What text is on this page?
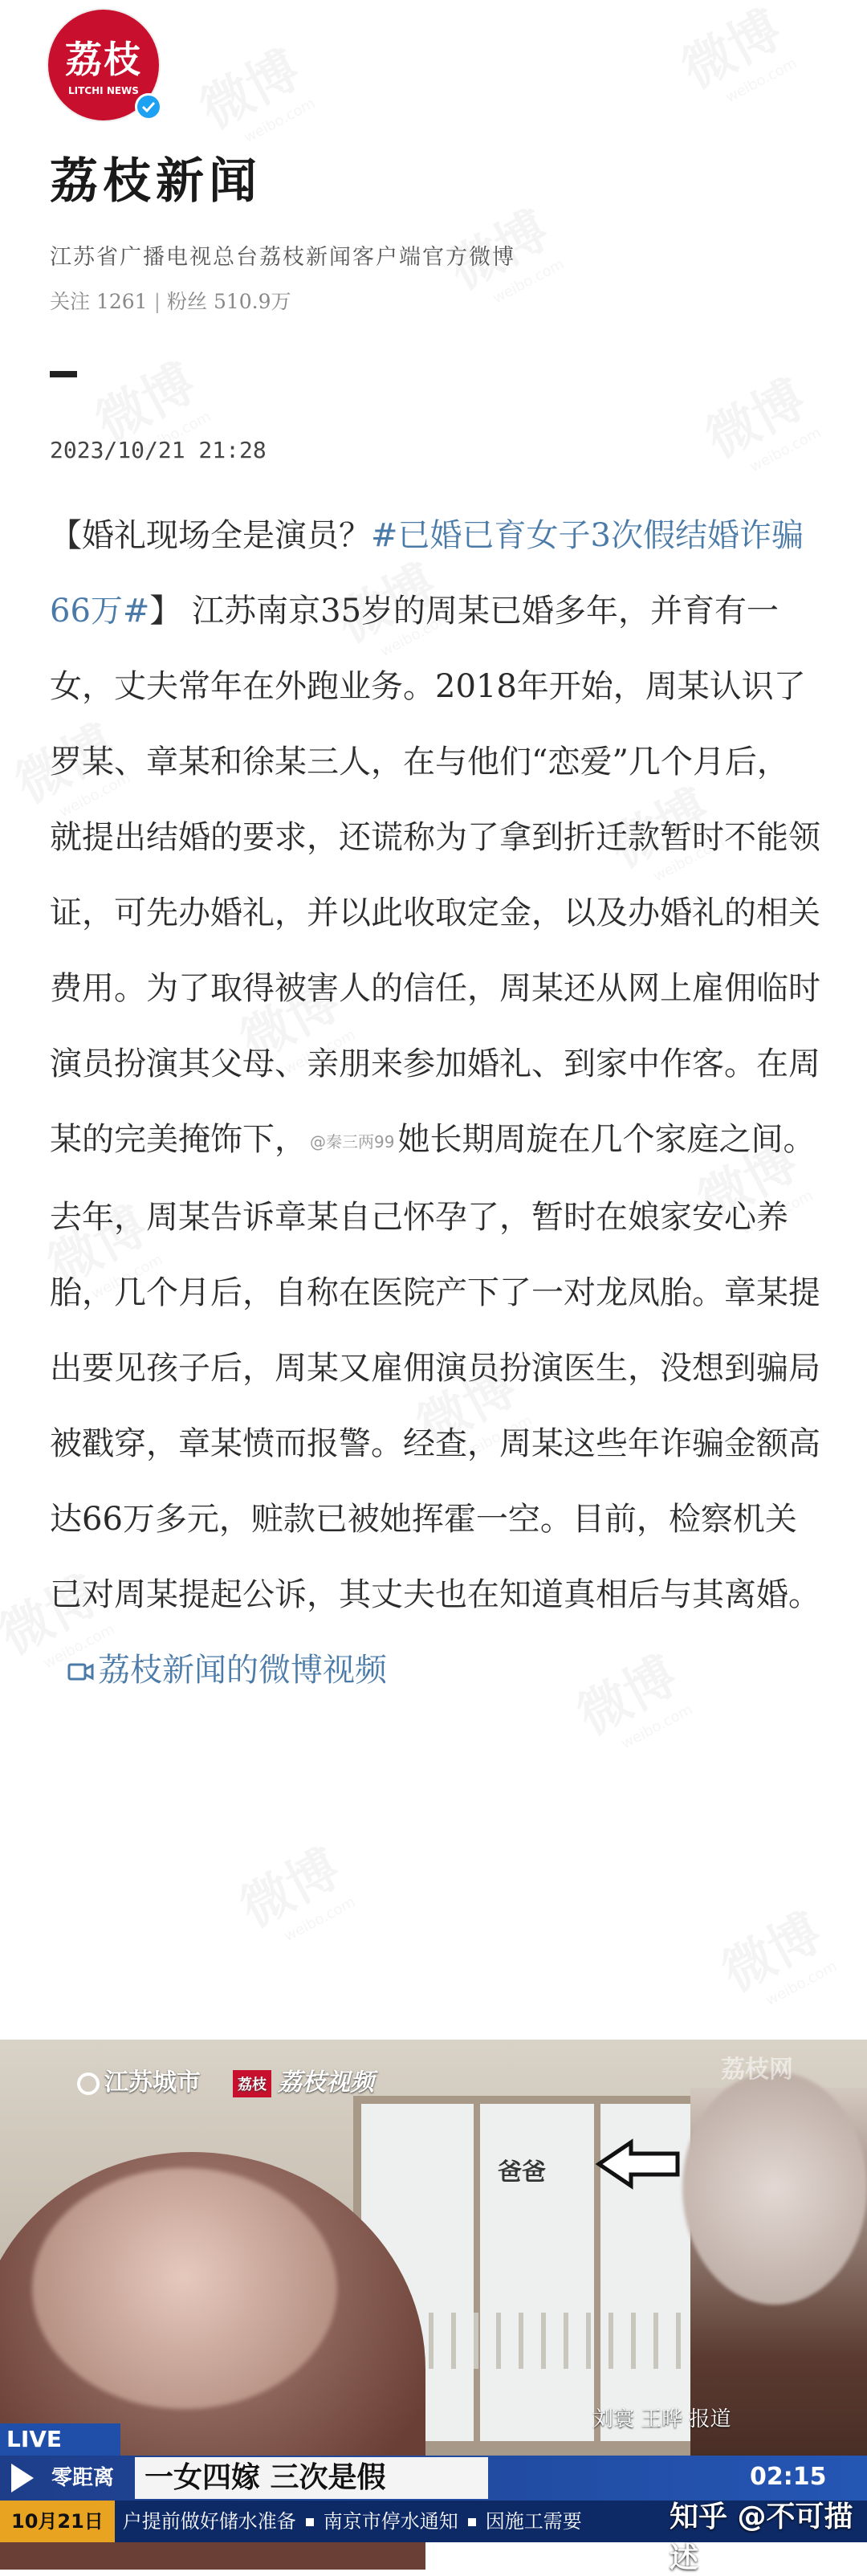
荔枝
LITCHI NEWS
荔枝新闻
江苏省广播电视总台荔枝新闻客户端官方微博
关注 1261 | 粉丝 510.9万
2023/10/21 21:28
【婚礼现场全是演员？#已婚已育女子3次假结婚诈骗66万#】 江苏南京35岁的周某已婚多年，并育有一女，丈夫常年在外跑业务。2018年开始，周某认识了罗某、章某和徐某三人，在与他们“恋爱”几个月后，就提出结婚的要求，还谎称为了拿到折迁款暂时不能领证，可先办婚礼，并以此收取定金，以及办婚礼的相关费用。为了取得被害人的信任，周某还从网上雇佣临时演员扮演其父母、亲朋来参加婚礼、到家中作客。在周某的完美掩饰下， @秦三两99 她长期周旋在几个家庭之间。去年，周某告诉章某自己怀孕了，暂时在娘家安心养胎，几个月后，自称在医院产下了一对龙凤胎。章某提出要见孩子后，周某又雇佣演员扮演医生，没想到骗局被戳穿，章某愤而报警。经查，周某这些年诈骗金额高达66万多元，赃款已被她挥霍一空。目前，检察机关已对周某提起公诉，其丈夫也在知道真相后与其离婚。 荔枝新闻的微博视频
江苏城市	荔枝 荔枝视频	荔枝网
爸爸
刘寰 王晔 报道
LIVE
零距离	一女四嫁 三次是假	02:15
10月21日 户提前做好储水准备 南京市停水通知 因施工需要	知乎 @不可描述
